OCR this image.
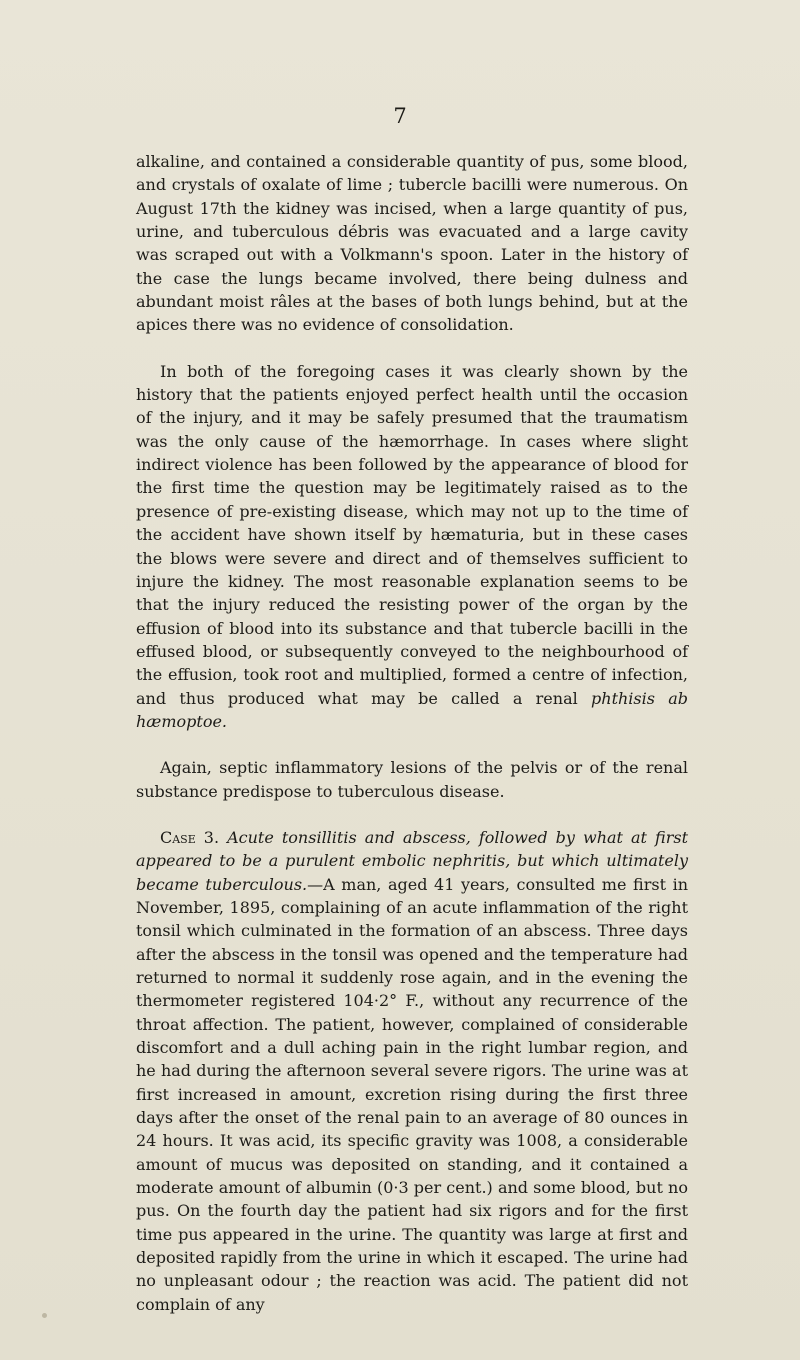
7

alkaline, and contained a considerable quantity of pus, some blood, and crystals of oxalate of lime ; tubercle bacilli were numerous. On August 17th the kidney was incised, when a large quantity of pus, urine, and tuberculous débris was evacuated and a large cavity was scraped out with a Volkmann's spoon. Later in the history of the case the lungs became involved, there being dulness and abundant moist râles at the bases of both lungs behind, but at the apices there was no evidence of consolidation.

In both of the foregoing cases it was clearly shown by the history that the patients enjoyed perfect health until the occasion of the injury, and it may be safely presumed that the traumatism was the only cause of the hæmorrhage. In cases where slight indirect violence has been followed by the appearance of blood for the first time the question may be legitimately raised as to the presence of pre-existing disease, which may not up to the time of the accident have shown itself by hæmaturia, but in these cases the blows were severe and direct and of themselves sufficient to injure the kidney. The most reasonable explanation seems to be that the injury reduced the resisting power of the organ by the effusion of blood into its substance and that tubercle bacilli in the effused blood, or subsequently conveyed to the neighbourhood of the effusion, took root and multiplied, formed a centre of infection, and thus produced what may be called a renal phthisis ab hæmoptoe.

Again, septic inflammatory lesions of the pelvis or of the renal substance predispose to tuberculous disease.

Case 3. Acute tonsillitis and abscess, followed by what at first appeared to be a purulent embolic nephritis, but which ultimately became tuberculous.—A man, aged 41 years, consulted me first in November, 1895, complaining of an acute inflammation of the right tonsil which culminated in the formation of an abscess. Three days after the abscess in the tonsil was opened and the temperature had returned to normal it suddenly rose again, and in the evening the thermometer registered 104·2° F., without any recurrence of the throat affection. The patient, however, complained of considerable discomfort and a dull aching pain in the right lumbar region, and he had during the afternoon several severe rigors. The urine was at first increased in amount, excretion rising during the first three days after the onset of the renal pain to an average of 80 ounces in 24 hours. It was acid, its specific gravity was 1008, a considerable amount of mucus was deposited on standing, and it contained a moderate amount of albumin (0·3 per cent.) and some blood, but no pus. On the fourth day the patient had six rigors and for the first time pus appeared in the urine. The quantity was large at first and deposited rapidly from the urine in which it escaped. The urine had no unpleasant odour ; the reaction was acid. The patient did not complain of any
